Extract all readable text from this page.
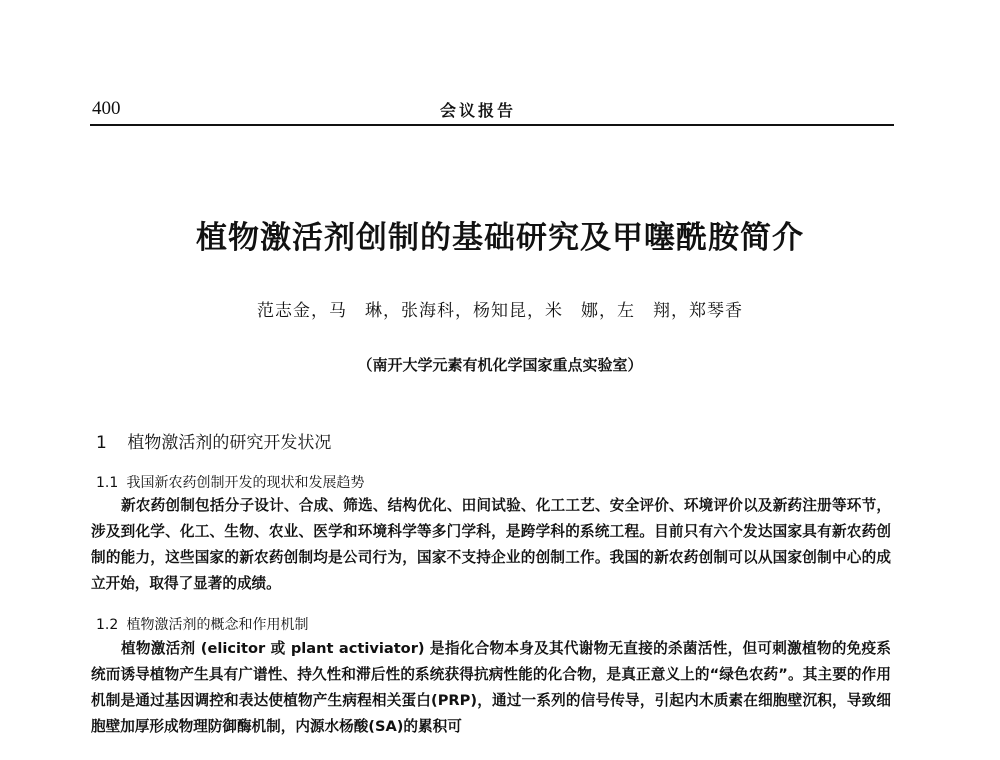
400	会议报告
植物激活剂创制的基础研究及甲噻酰胺简介
范志金，马　琳，张海科，杨知昆，米　娜，左　翔，郑琴香
（南开大学元素有机化学国家重点实验室）
1 植物激活剂的研究开发状况
1.1 我国新农药创制开发的现状和发展趋势

新农药创制包括分子设计、合成、筛选、结构优化、田间试验、化工工艺、安全评价、环境评价以及新药注册等环节，涉及到化学、化工、生物、农业、医学和环境科学等多门学科，是跨学科的系统工程。目前只有六个发达国家具有新农药创制的能力，这些国家的新农药创制均是公司行为，国家不支持企业的创制工作。我国的新农药创制可以从国家创制中心的成立开始，取得了显著的成绩。

1.2 植物激活剂的概念和作用机制

植物激活剂 (elicitor 或 plant activiator) 是指化合物本身及其代谢物无直接的杀菌活性，但可刺激植物的免疫系统而诱导植物产生具有广谱性、持久性和滞后性的系统获得抗病性能的化合物，是真正意义上的“绿色农药”。其主要的作用机制是通过基因调控和表达使植物产生病程相关蛋白(PRP)，通过一系列的信号传导，引起内木质素在细胞壁沉积，导致细胞壁加厚形成物理防御酶机制，内源水杨酸(SA)的累积可
